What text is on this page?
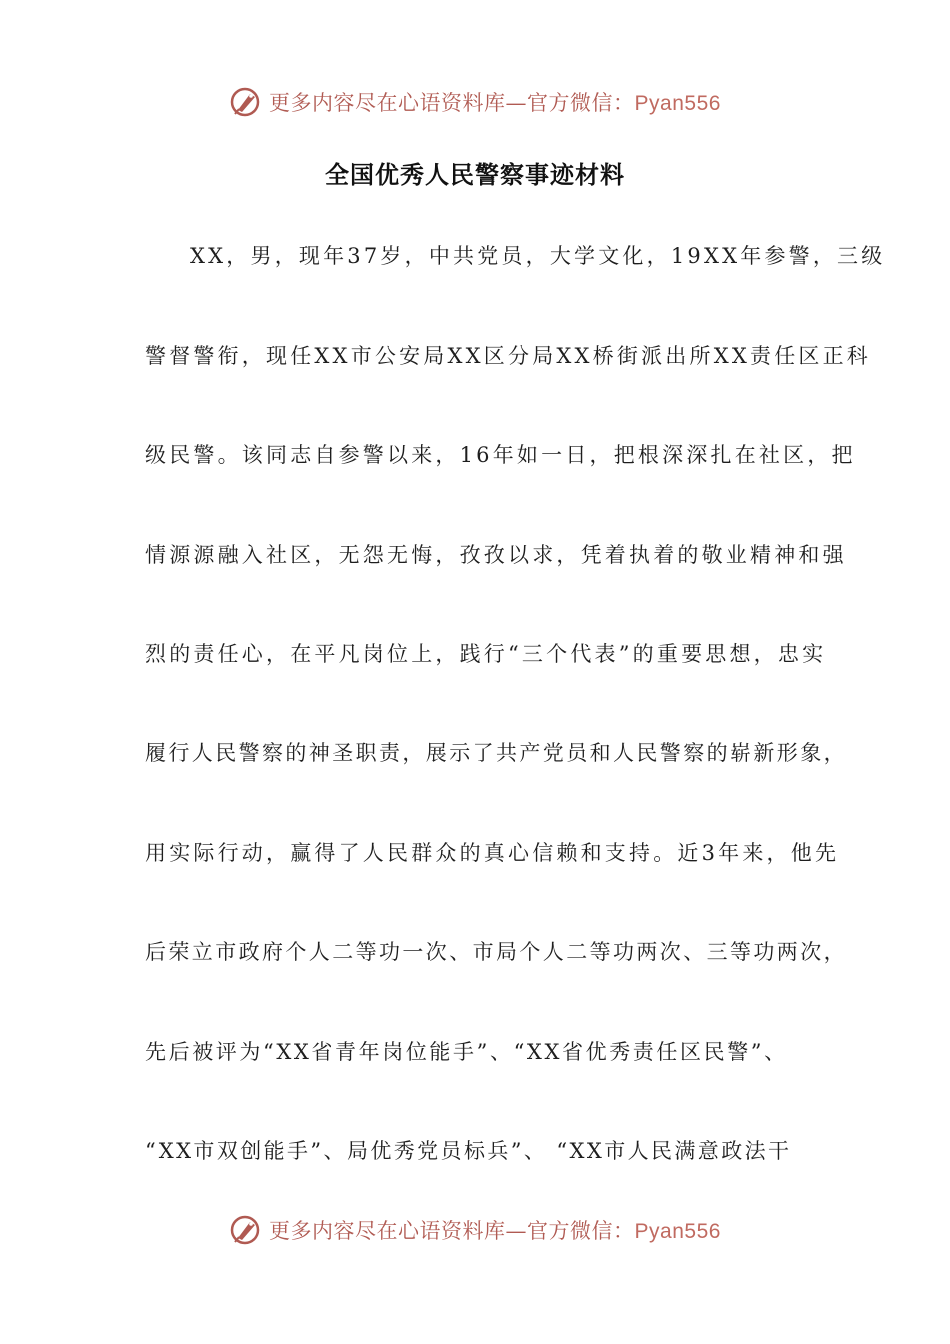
更多内容尽在心语资料库—官方微信：Pyan556
全国优秀人民警察事迹材料
XX，男，现年37岁，中共党员，大学文化，19XX年参警，三级
警督警衔，现任XX市公安局XX区分局XX桥街派出所XX责任区正科
级民警。该同志自参警以来，16年如一日，把根深深扎在社区，把
情源源融入社区，无怨无悔，孜孜以求，凭着执着的敬业精神和强
烈的责任心，在平凡岗位上，践行“三个代表”的重要思想，忠实
履行人民警察的神圣职责，展示了共产党员和人民警察的崭新形象，
用实际行动，赢得了人民群众的真心信赖和支持。近3年来，他先
后荣立市政府个人二等功一次、市局个人二等功两次、三等功两次，
先后被评为“XX省青年岗位能手”、“XX省优秀责任区民警”、
“XX市双创能手”、局优秀党员标兵”、 “XX市人民满意政法干
更多内容尽在心语资料库—官方微信：Pyan556
